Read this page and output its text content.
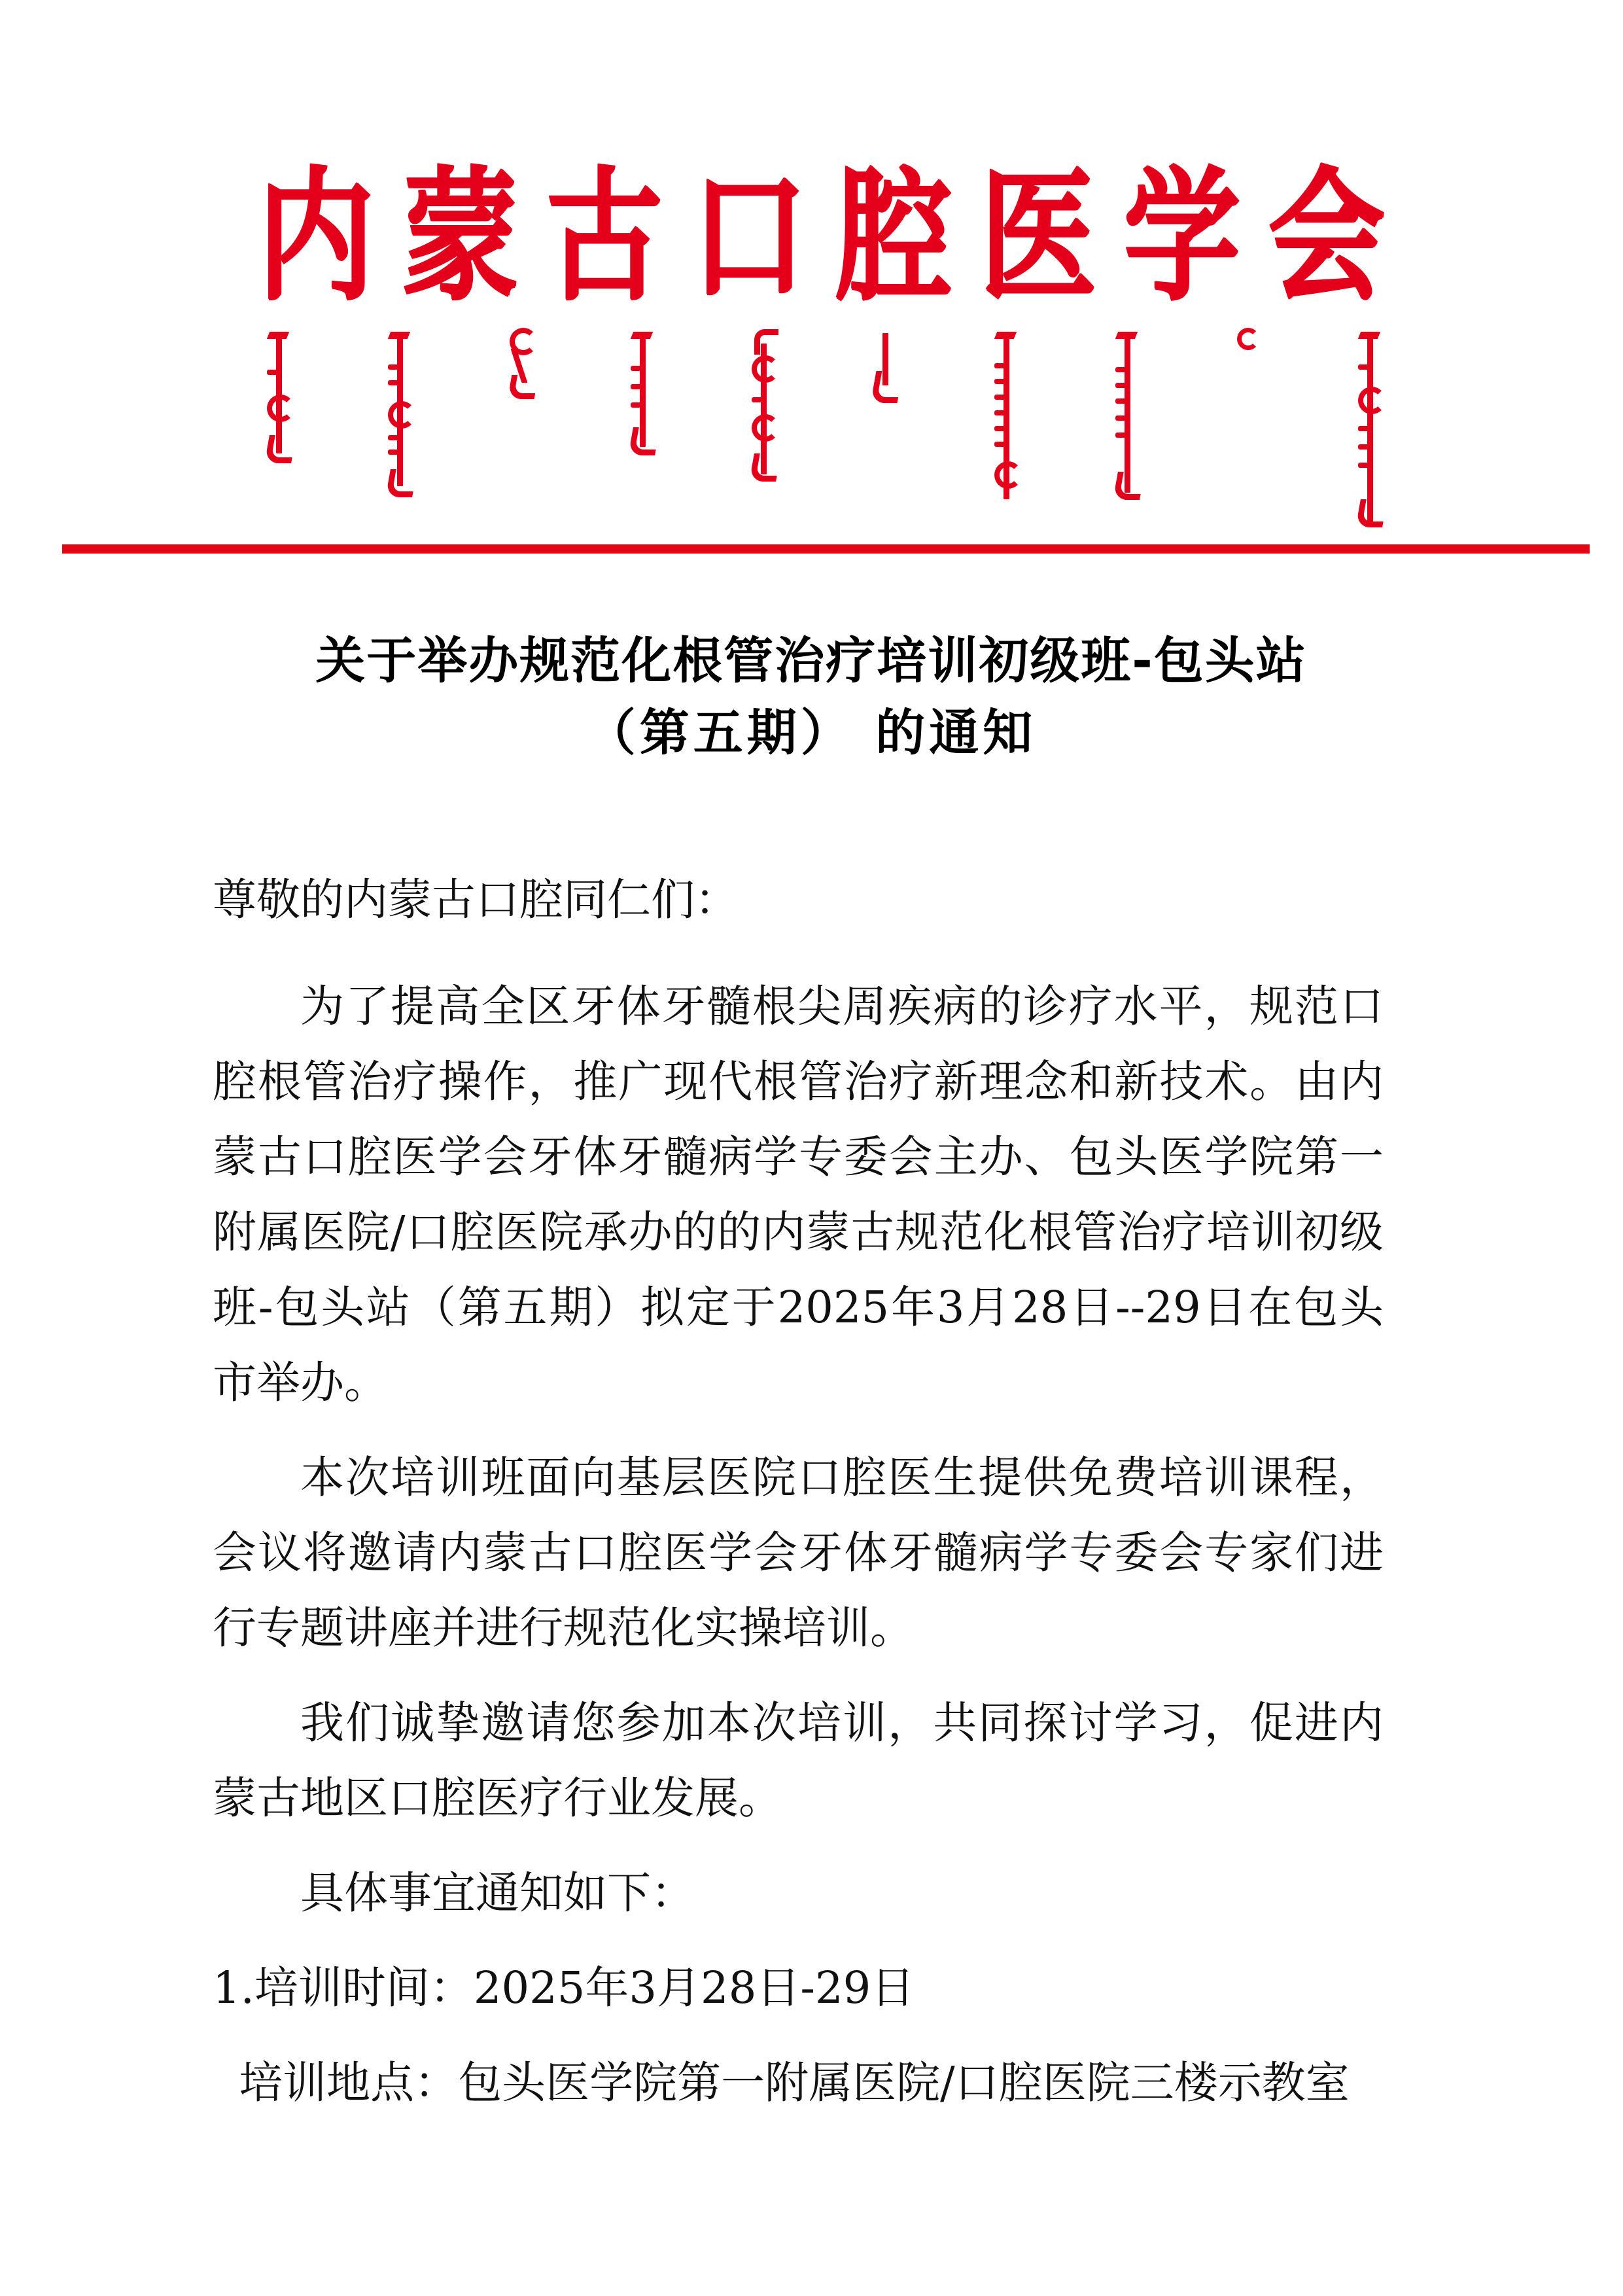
内 蒙 古 口 腔 医 学 会
关于举办规范化根管治疗培训初级班-包头站
（第五期） 的通知

尊敬的内蒙古口腔同仁们：

为了提高全区牙体牙髓根尖周疾病的诊疗水平，规范口腔根管治疗操作，推广现代根管治疗新理念和新技术。由内蒙古口腔医学会牙体牙髓病学专委会主办、包头医学院第一附属医院/口腔医院承办的的内蒙古规范化根管治疗培训初级班-包头站（第五期）拟定于2025年3月28日--29日在包头市举办。

本次培训班面向基层医院口腔医生提供免费培训课程，会议将邀请内蒙古口腔医学会牙体牙髓病学专委会专家们进行专题讲座并进行规范化实操培训。

我们诚挚邀请您参加本次培训，共同探讨学习，促进内蒙古地区口腔医疗行业发展。

具体事宜通知如下：

1.培训时间：2025年3月28日-29日

培训地点：包头医学院第一附属医院/口腔医院三楼示教室
